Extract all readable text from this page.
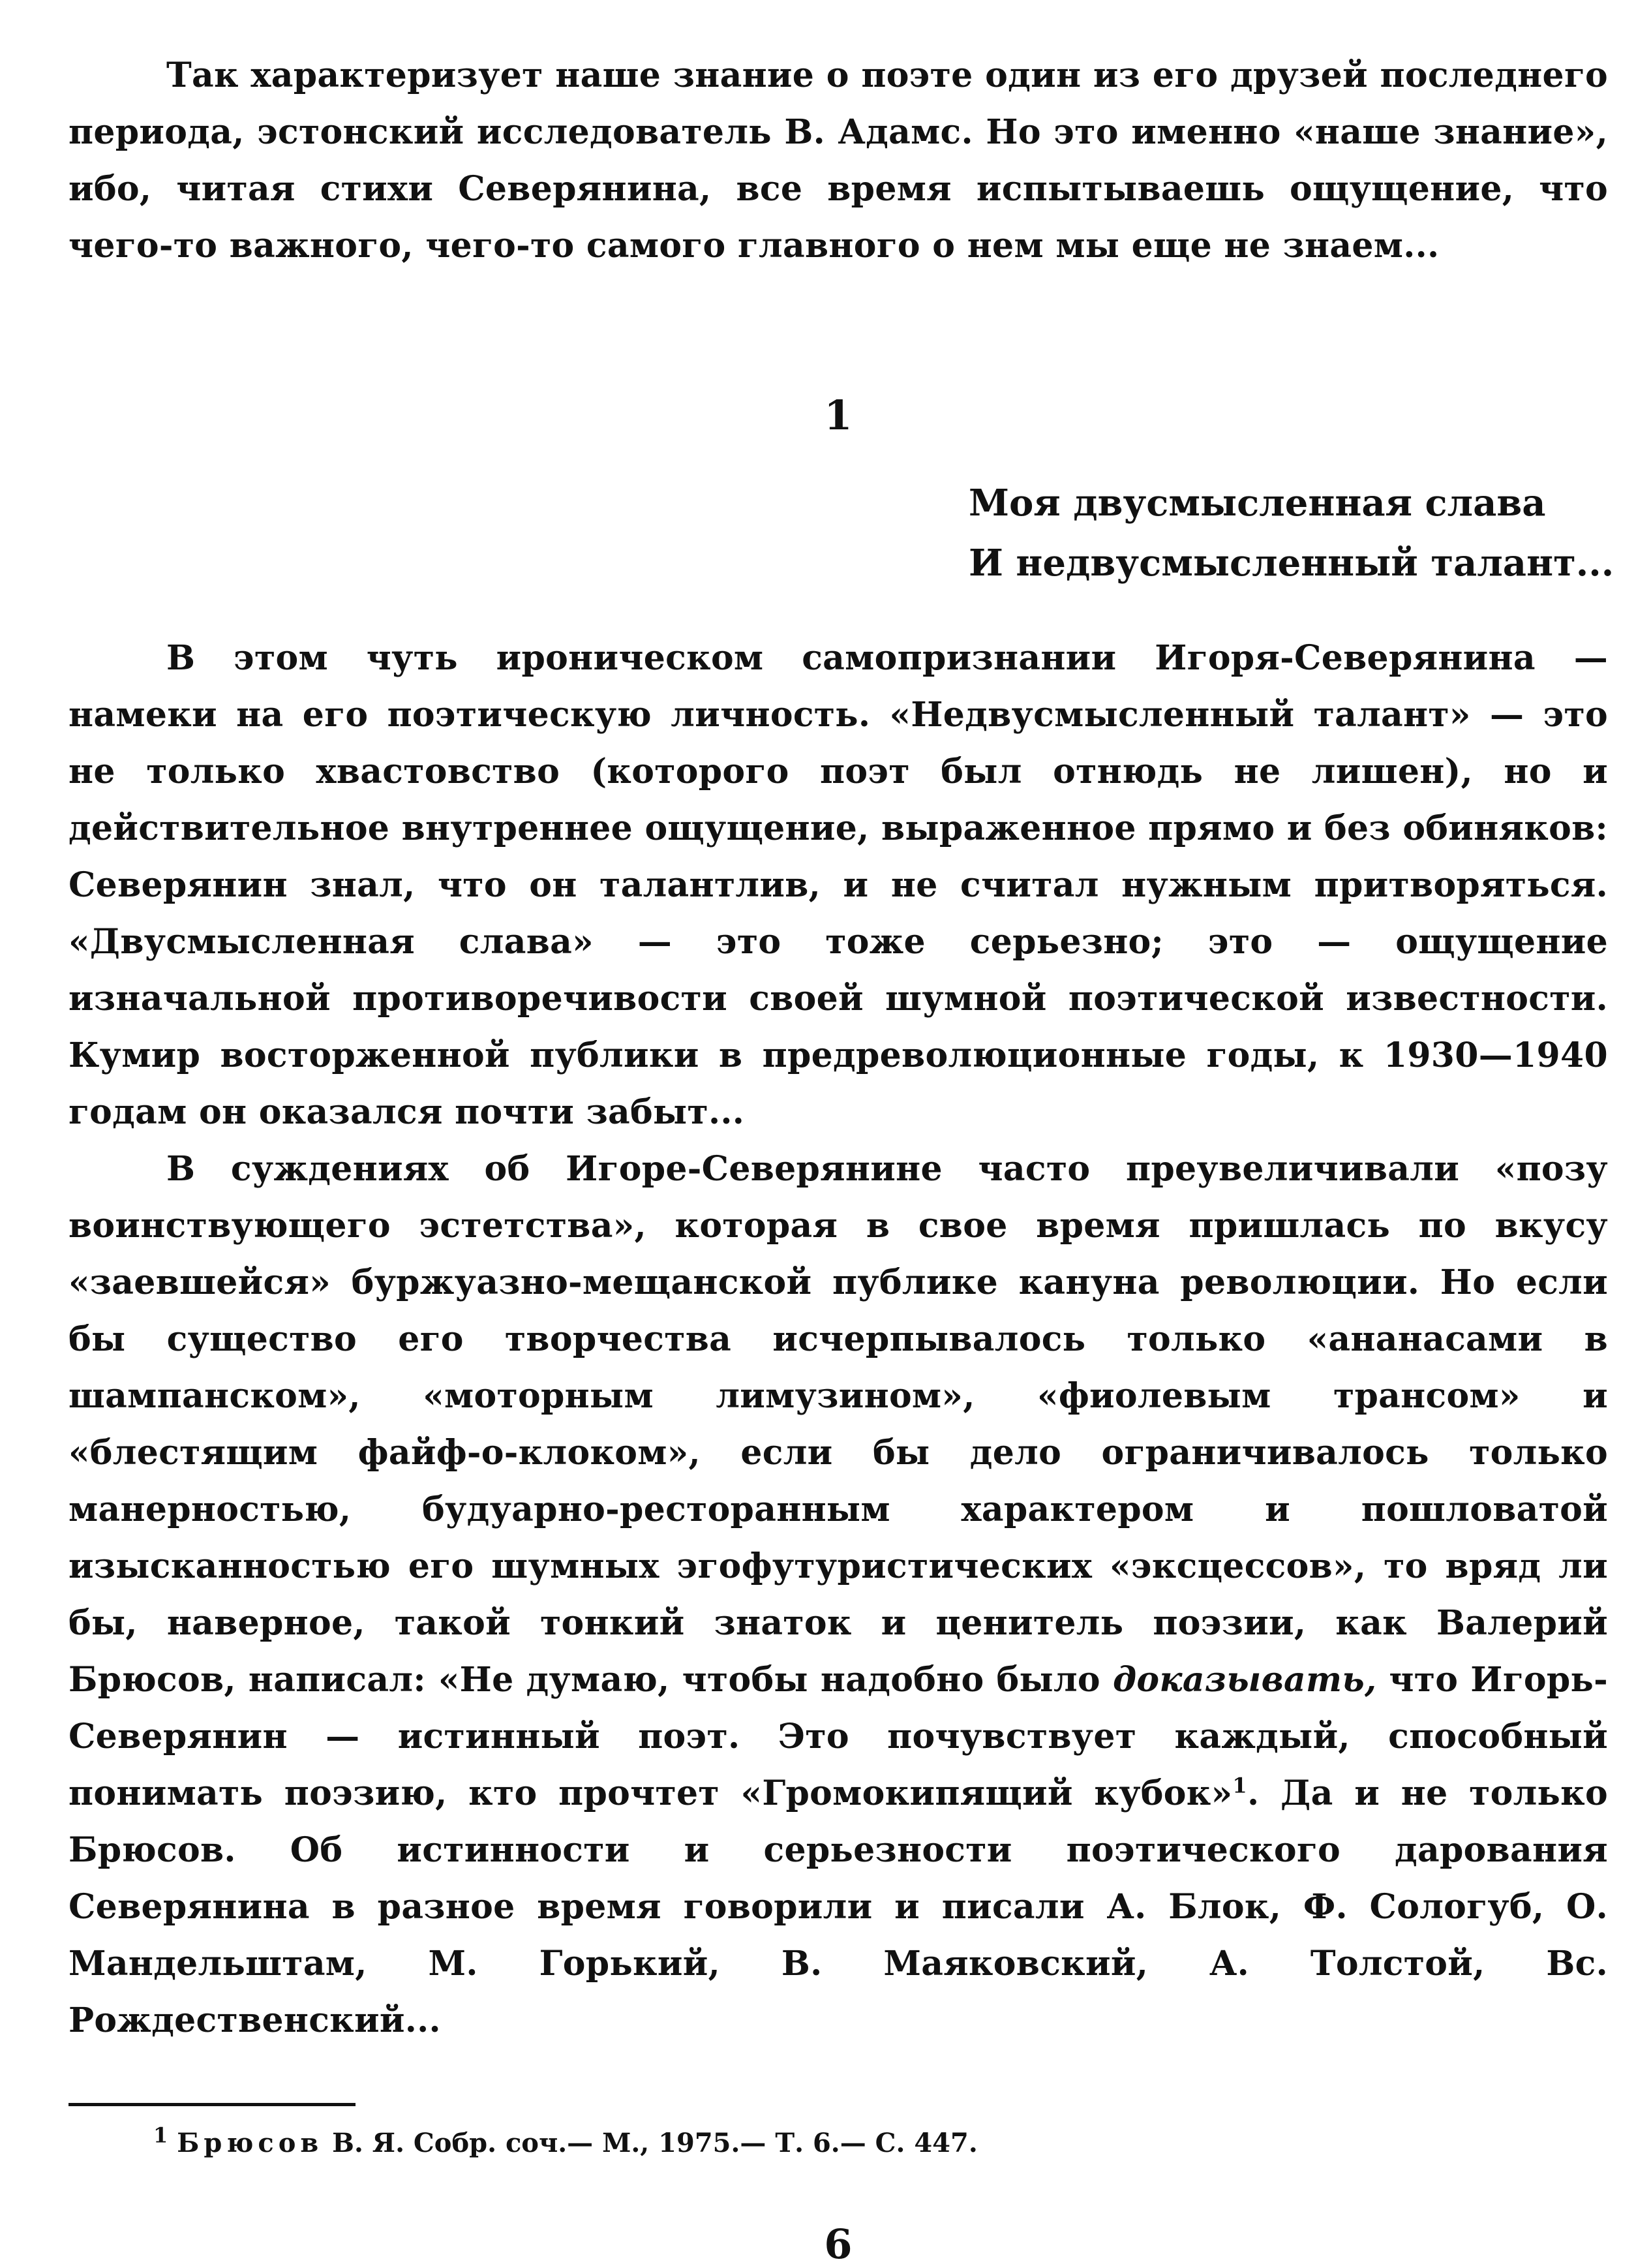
Так характеризует наше знание о поэте один из его друзей последнего периода, эстонский исследователь В. Адамс. Но это именно «наше знание», ибо, читая стихи Северянина, все время испытываешь ощущение, что чего-то важного, чего-то самого главного о нем мы еще не знаем...

1
Моя двусмысленная слава
И недвусмысленный талант...

В этом чуть ироническом самопризнании Игоря-Северянина — намеки на его поэтическую личность. «Недвусмысленный талант» — это не только хвастовство (которого поэт был отнюдь не лишен), но и действительное внутреннее ощущение, выраженное прямо и без обиняков: Северянин знал, что он талантлив, и не считал нужным притворяться. «Двусмысленная слава» — это тоже серьезно; это — ощущение изначальной противоречивости своей шумной поэтической известности. Кумир восторженной публики в предреволюционные годы, к 1930—1940 годам он оказался почти забыт...

В суждениях об Игоре-Северянине часто преувеличивали «позу воинствующего эстетства», которая в свое время пришлась по вкусу «заевшейся» буржуазно-мещанской публике кануна революции. Но если бы существо его творчества исчерпывалось только «ананасами в шампанском», «моторным лимузином», «фиолевым трансом» и «блестящим файф-о-клоком», если бы дело ограничивалось только манерностью, будуарно-ресторанным характером и пошловатой изысканностью его шумных эгофутуристических «эксцессов», то вряд ли бы, наверное, такой тонкий знаток и ценитель поэзии, как Валерий Брюсов, написал: «Не думаю, чтобы надобно было доказывать, что Игорь-Северянин — истинный поэт. Это почувствует каждый, способный понимать поэзию, кто прочтет «Громокипящий кубок»$^1$. Да и не только Брюсов. Об истинности и серьезности поэтического дарования Северянина в разное время говорили и писали А. Блок, Ф. Сологуб, О. Мандельштам, М. Горький, В. Маяковский, А. Толстой, Вс. Рождественский...

$^1$ Брюсов В. Я. Собр. соч.— М., 1975.— Т. 6.— С. 447.
6
